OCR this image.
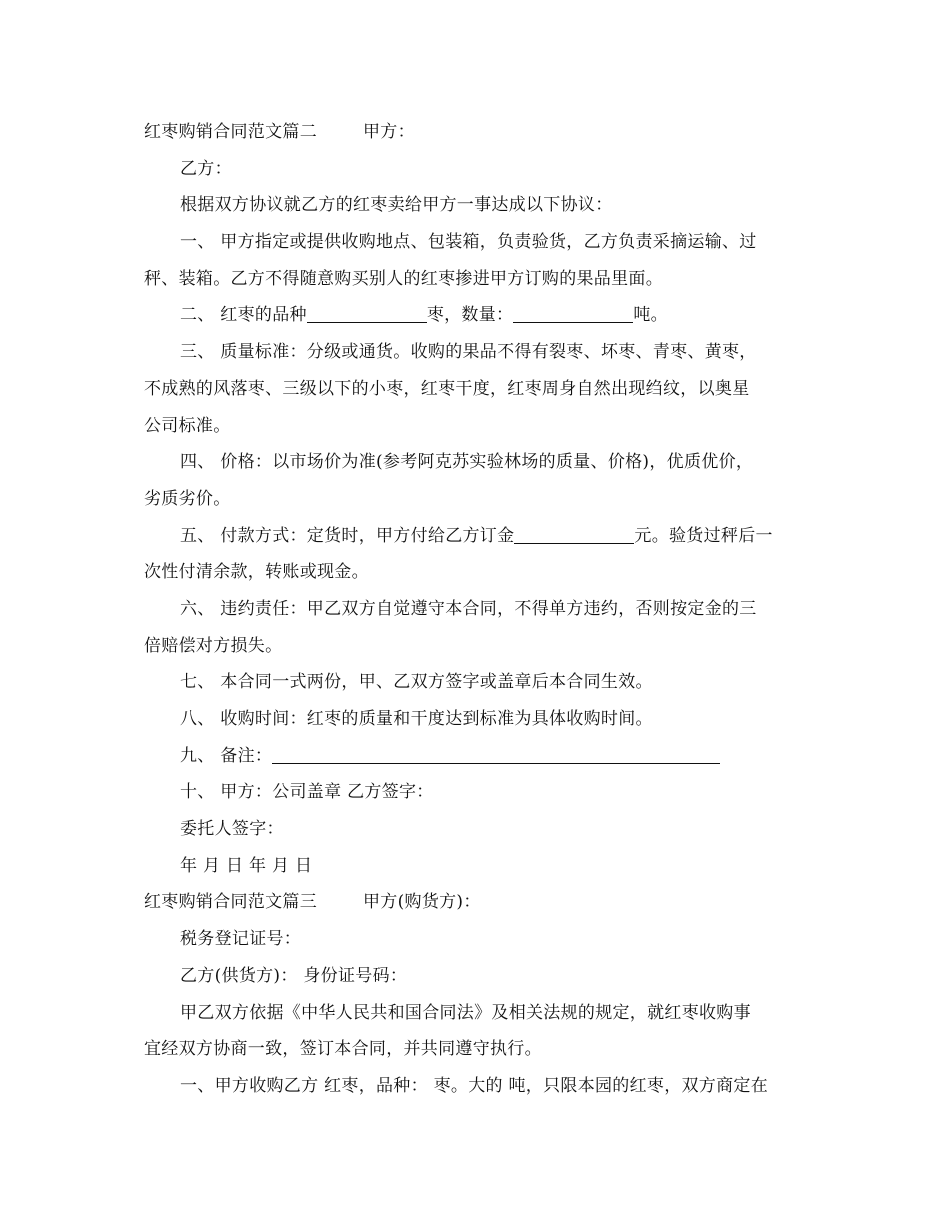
红枣购销合同范文篇二	甲方：
乙方：
根据双方协议就乙方的红枣卖给甲方一事达成以下协议：
一、 甲方指定或提供收购地点、包装箱，负责验货，乙方负责采摘运输、过
秤、装箱。乙方不得随意购买别人的红枣掺进甲方订购的果品里面。
二、 红枣的品种	枣，数量：	吨。
三、 质量标准：分级或通货。收购的果品不得有裂枣、坏枣、青枣、黄枣，
不成熟的风落枣、三级以下的小枣，红枣干度，红枣周身自然出现绉纹，以奥星
公司标准。
四、 价格：以市场价为准(参考阿克苏实验林场的质量、价格)，优质优价，
劣质劣价。
五、 付款方式：定货时，甲方付给乙方订金	元。验货过秤后一
次性付清余款，转账或现金。
六、 违约责任：甲乙双方自觉遵守本合同，不得单方违约，否则按定金的三
倍赔偿对方损失。
七、 本合同一式两份，甲、乙双方签字或盖章后本合同生效。
八、 收购时间：红枣的质量和干度达到标准为具体收购时间。
九、 备注：
十、 甲方：公司盖章 乙方签字：
委托人签字：
年 月 日 年 月 日
红枣购销合同范文篇三	甲方(购货方)：
税务登记证号：
乙方(供货方)： 身份证号码：
甲乙双方依据《中华人民共和国合同法》及相关法规的规定，就红枣收购事
宜经双方协商一致，签订本合同，并共同遵守执行。
一、甲方收购乙方 红枣，品种： 枣。大的 吨，只限本园的红枣，双方商定在
